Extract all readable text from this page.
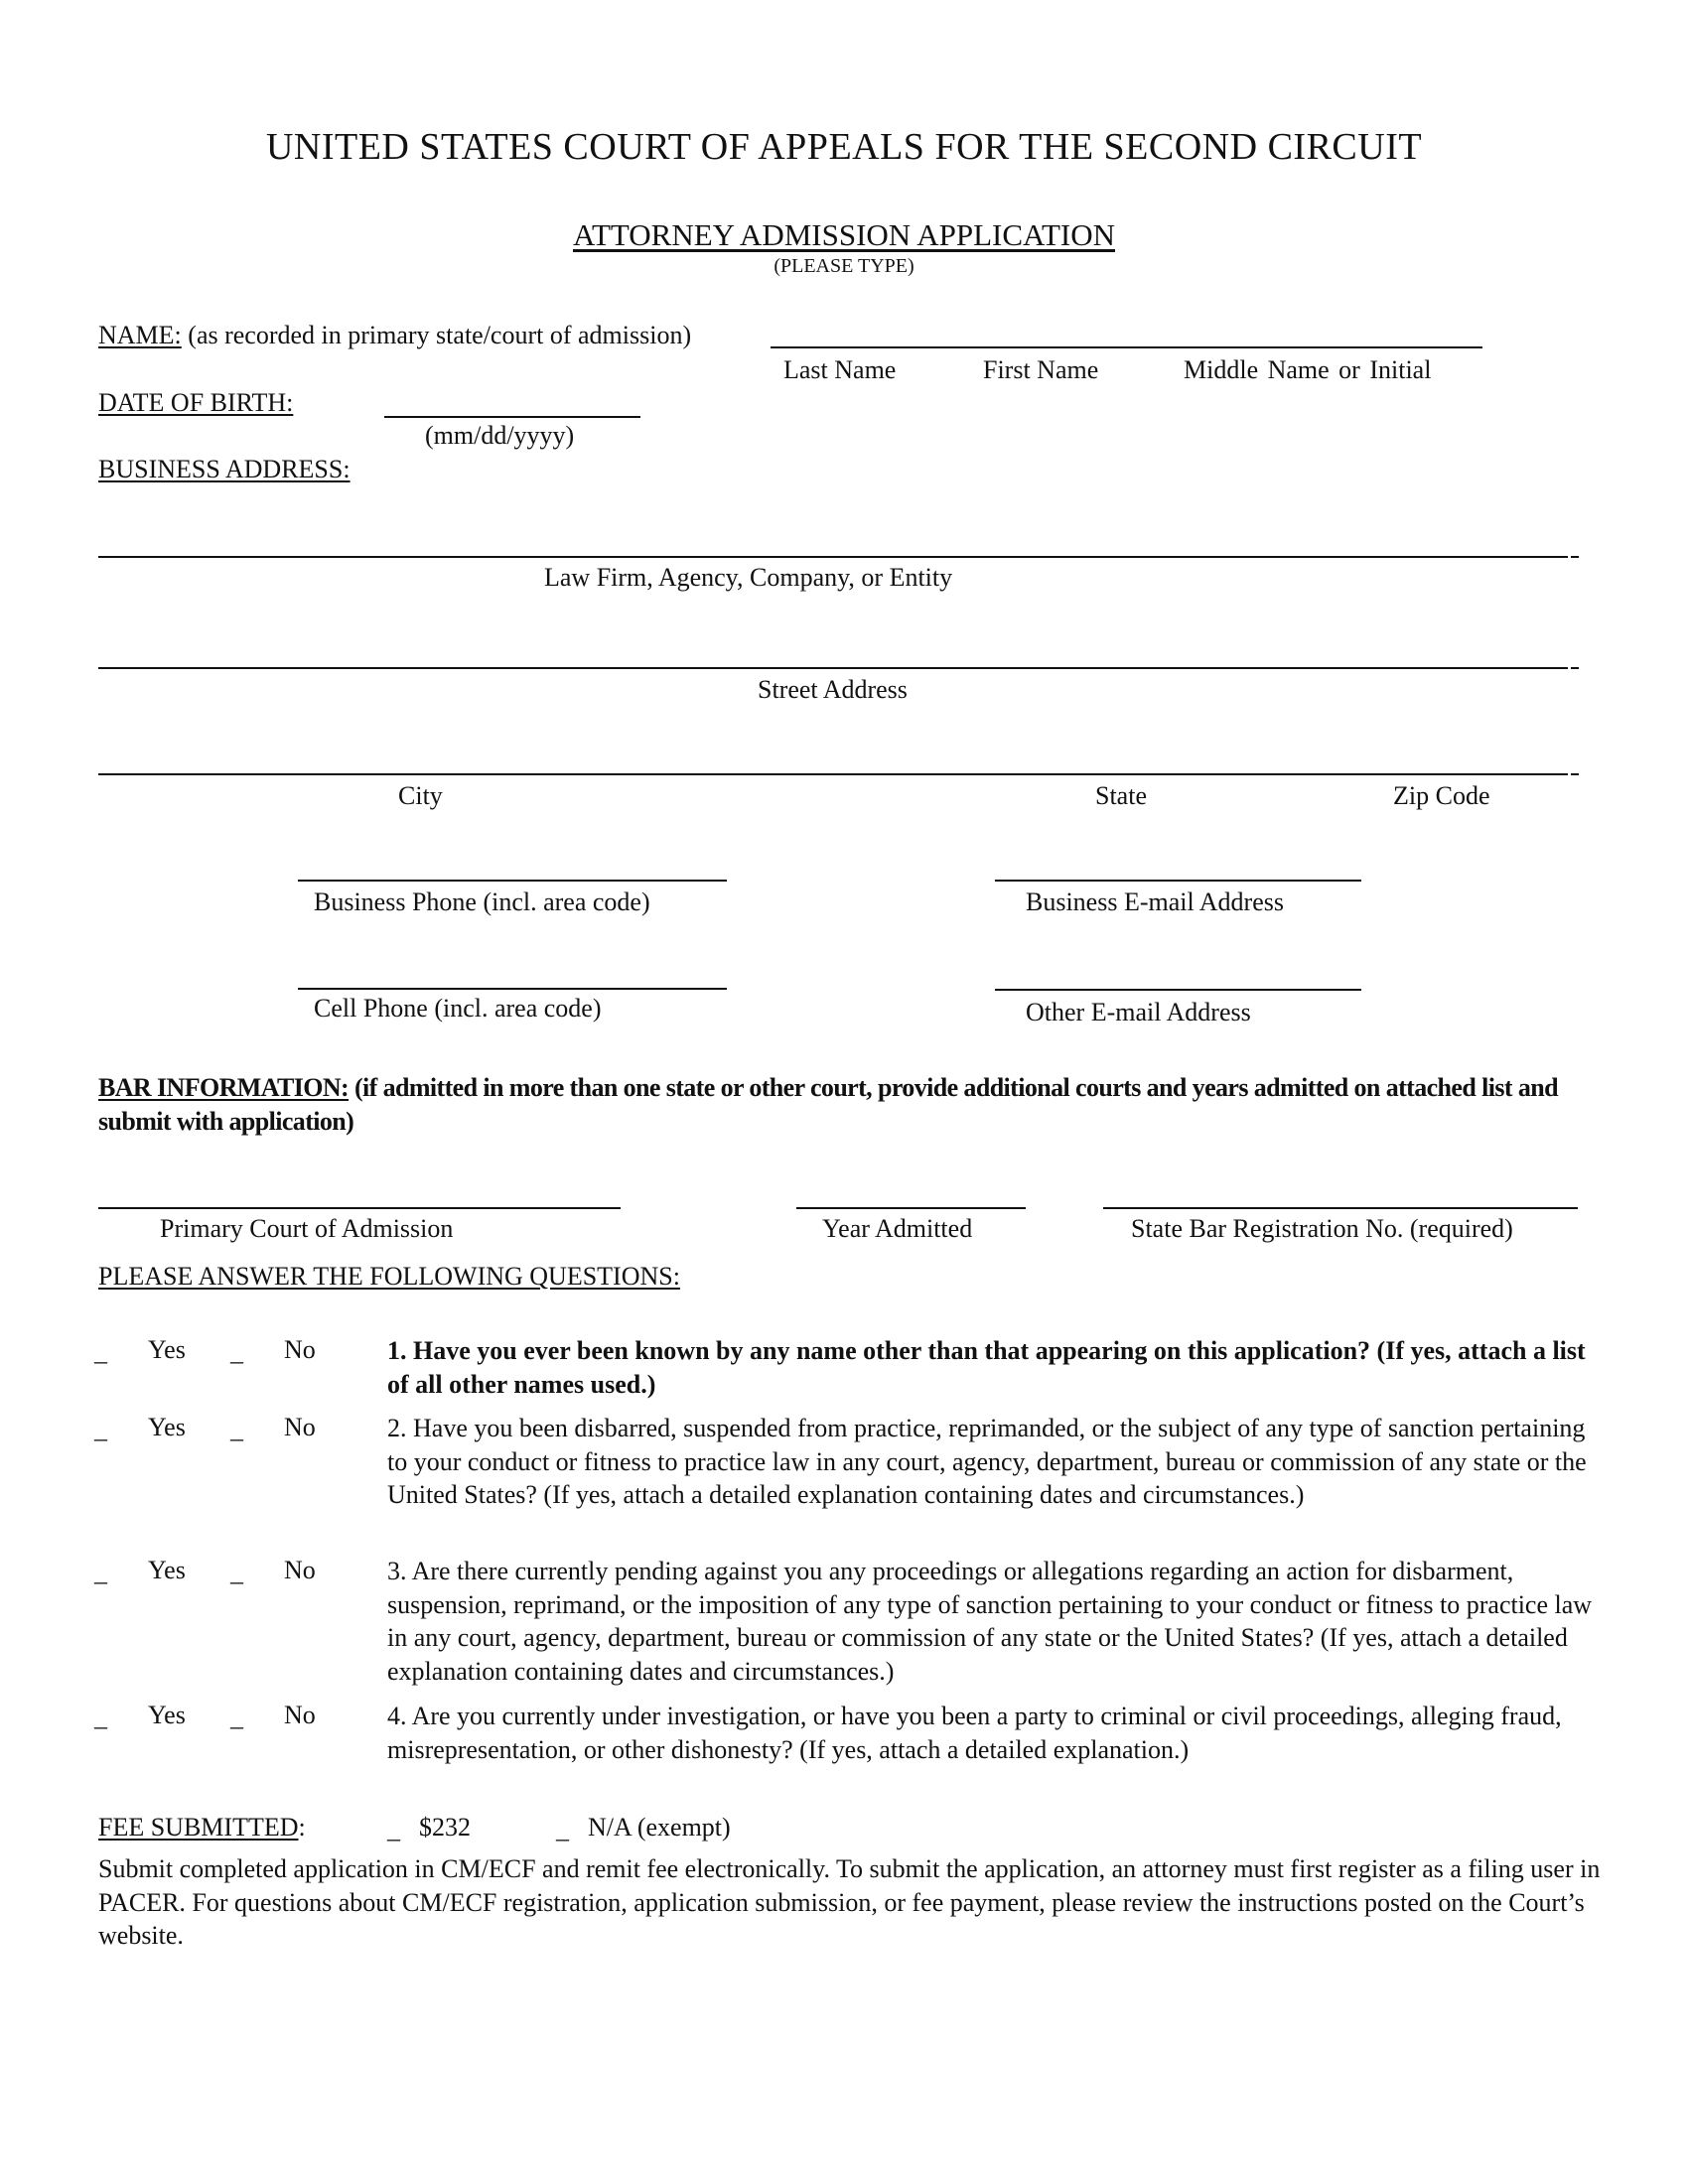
UNITED STATES COURT OF APPEALS FOR THE SECOND CIRCUIT
ATTORNEY ADMISSION APPLICATION
(PLEASE TYPE)
NAME: (as recorded in primary state/court of admission)
Last Name	First Name	Middle Name or Initial
DATE OF BIRTH:
(mm/dd/yyyy)
BUSINESS ADDRESS:
Law Firm, Agency, Company, or Entity
Street Address
City	State	Zip Code
Business Phone (incl. area code)	Business E-mail Address
Cell Phone (incl. area code)	Other E-mail Address
BAR INFORMATION: (if admitted in more than one state or other court, provide additional courts and years admitted on attached list and submit with application)
Primary Court of Admission	Year Admitted	State Bar Registration No. (required)
PLEASE ANSWER THE FOLLOWING QUESTIONS:
_ Yes _ No	1. Have you ever been known by any name other than that appearing on this application? (If yes, attach a list of all other names used.)
_ Yes _ No	2. Have you been disbarred, suspended from practice, reprimanded, or the subject of any type of sanction pertaining to your conduct or fitness to practice law in any court, agency, department, bureau or commission of any state or the United States? (If yes, attach a detailed explanation containing dates and circumstances.)
_ Yes _ No	3. Are there currently pending against you any proceedings or allegations regarding an action for disbarment, suspension, reprimand, or the imposition of any type of sanction pertaining to your conduct or fitness to practice law in any court, agency, department, bureau or commission of any state or the United States? (If yes, attach a detailed explanation containing dates and circumstances.)
_ Yes _ No	4. Are you currently under investigation, or have you been a party to criminal or civil proceedings, alleging fraud, misrepresentation, or other dishonesty? (If yes, attach a detailed explanation.)
FEE SUBMITTED:	_ $232	_ N/A (exempt)
Submit completed application in CM/ECF and remit fee electronically. To submit the application, an attorney must first register as a filing user in PACER. For questions about CM/ECF registration, application submission, or fee payment, please review the instructions posted on the Court’s website.
